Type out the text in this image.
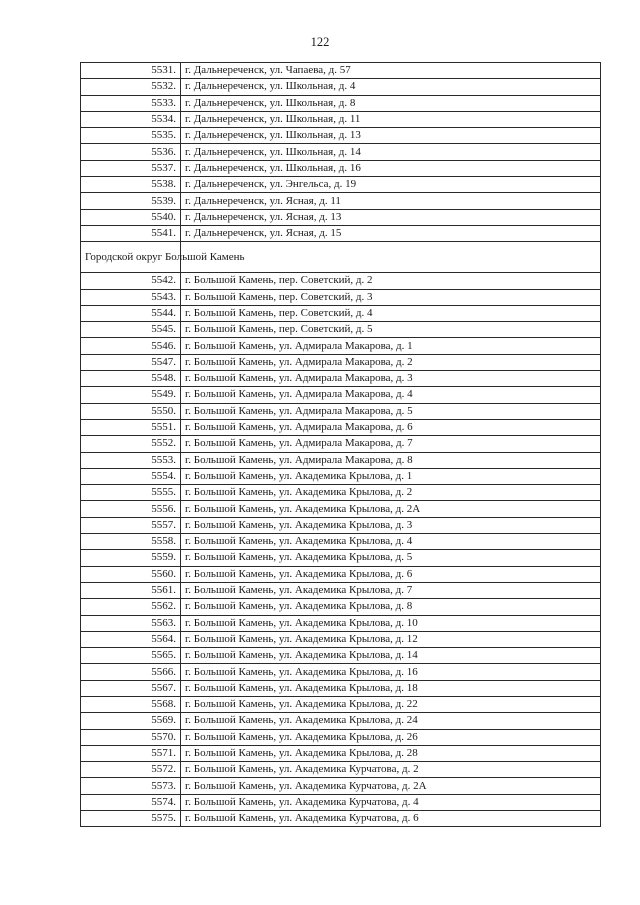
122
5531.	г. Дальнереченск, ул. Чапаева, д. 57
5532.	г. Дальнереченск, ул. Школьная, д. 4
5533.	г. Дальнереченск, ул. Школьная, д. 8
5534.	г. Дальнереченск, ул. Школьная, д. 11
5535.	г. Дальнереченск, ул. Школьная, д. 13
5536.	г. Дальнереченск, ул. Школьная, д. 14
5537.	г. Дальнереченск, ул. Школьная, д. 16
5538.	г. Дальнереченск, ул. Энгельса, д. 19
5539.	г. Дальнереченск, ул. Ясная, д. 11
5540.	г. Дальнереченск, ул. Ясная, д. 13
5541.	г. Дальнереченск, ул. Ясная, д. 15
Городской округ Большой Камень	
5542.	г. Большой Камень, пер. Советский, д. 2
5543.	г. Большой Камень, пер. Советский, д. 3
5544.	г. Большой Камень, пер. Советский, д. 4
5545.	г. Большой Камень, пер. Советский, д. 5
5546.	г. Большой Камень, ул. Адмирала Макарова, д. 1
5547.	г. Большой Камень, ул. Адмирала Макарова, д. 2
5548.	г. Большой Камень, ул. Адмирала Макарова, д. 3
5549.	г. Большой Камень, ул. Адмирала Макарова, д. 4
5550.	г. Большой Камень, ул. Адмирала Макарова, д. 5
5551.	г. Большой Камень, ул. Адмирала Макарова, д. 6
5552.	г. Большой Камень, ул. Адмирала Макарова, д. 7
5553.	г. Большой Камень, ул. Адмирала Макарова, д. 8
5554.	г. Большой Камень, ул. Академика Крылова, д. 1
5555.	г. Большой Камень, ул. Академика Крылова, д. 2
5556.	г. Большой Камень, ул. Академика Крылова, д. 2А
5557.	г. Большой Камень, ул. Академика Крылова, д. 3
5558.	г. Большой Камень, ул. Академика Крылова, д. 4
5559.	г. Большой Камень, ул. Академика Крылова, д. 5
5560.	г. Большой Камень, ул. Академика Крылова, д. 6
5561.	г. Большой Камень, ул. Академика Крылова, д. 7
5562.	г. Большой Камень, ул. Академика Крылова, д. 8
5563.	г. Большой Камень, ул. Академика Крылова, д. 10
5564.	г. Большой Камень, ул. Академика Крылова, д. 12
5565.	г. Большой Камень, ул. Академика Крылова, д. 14
5566.	г. Большой Камень, ул. Академика Крылова, д. 16
5567.	г. Большой Камень, ул. Академика Крылова, д. 18
5568.	г. Большой Камень, ул. Академика Крылова, д. 22
5569.	г. Большой Камень, ул. Академика Крылова, д. 24
5570.	г. Большой Камень, ул. Академика Крылова, д. 26
5571.	г. Большой Камень, ул. Академика Крылова, д. 28
5572.	г. Большой Камень, ул. Академика Курчатова, д. 2
5573.	г. Большой Камень, ул. Академика Курчатова, д. 2А
5574.	г. Большой Камень, ул. Академика Курчатова, д. 4
5575.	г. Большой Камень, ул. Академика Курчатова, д. 6
